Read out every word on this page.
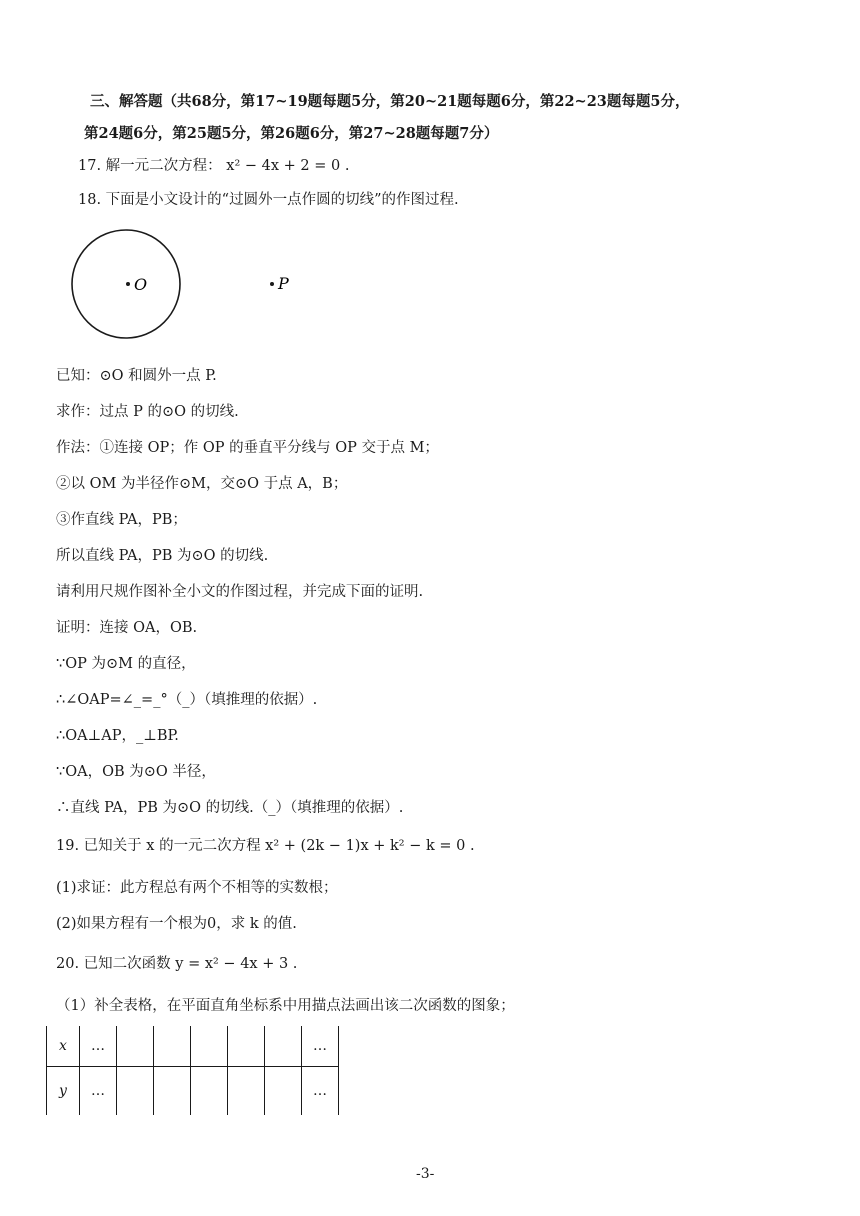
三、解答题（共68分，第17~19题每题5分，第20~21题每题6分，第22~23题每题5分，
第24题6分，第25题5分，第26题6分，第27~28题每题7分）
17. 解一元二次方程： x² − 4x + 2 = 0 .
18. 下面是小文设计的“过圆外一点作圆的切线”的作图过程.
O	P
已知：⊙O 和圆外一点 P.
求作：过点 P 的⊙O 的切线.
作法：①连接 OP；作 OP 的垂直平分线与 OP 交于点 M；
②以 OM 为半径作⊙M，交⊙O 于点 A，B；
③作直线 PA，PB；
所以直线 PA，PB 为⊙O 的切线.
请利用尺规作图补全小文的作图过程，并完成下面的证明.
证明：连接 OA，OB.
∵OP 为⊙M 的直径，
∴∠OAP=∠_=_°（_）（填推理的依据）.
∴OA⊥AP，_⊥BP.
∵OA，OB 为⊙O 半径，
∴直线 PA，PB 为⊙O 的切线.（_）（填推理的依据）.
19. 已知关于 x 的一元二次方程 x² + (2k − 1)x + k² − k = 0 .
(1)求证：此方程总有两个不相等的实数根；
(2)如果方程有一个根为0，求 k 的值.
20. 已知二次函数 y = x² − 4x + 3 .
（1）补全表格，在平面直角坐标系中用描点法画出该二次函数的图象；
x	…						…
y	…						…
-3-
